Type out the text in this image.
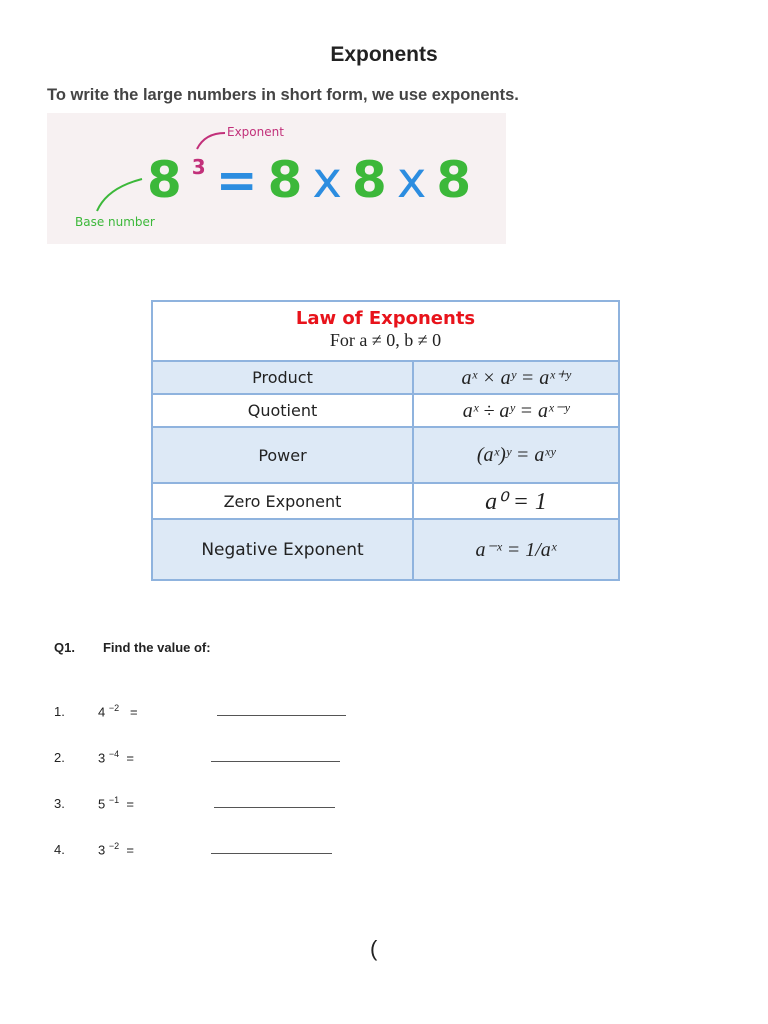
Exponents
To write the large numbers in short form, we use exponents.
8 3 = 8 x 8 x 8
Exponent
Base number
Law of Exponents
For a ≠ 0, b ≠ 0
Product	aˣ × aʸ = aˣ⁺ʸ
Quotient	aˣ ÷ aʸ = aˣ⁻ʸ
Power	(aˣ)ʸ = aˣʸ
Zero Exponent	a⁰ = 1
Negative Exponent	a⁻ˣ = 1/aˣ
Q1. Find the value of:
1.	4 $^{-2}$ =
2.	3 $^{-4}$ =
3.	5 $^{-1}$ =
4.	3 $^{-2}$ =
(
